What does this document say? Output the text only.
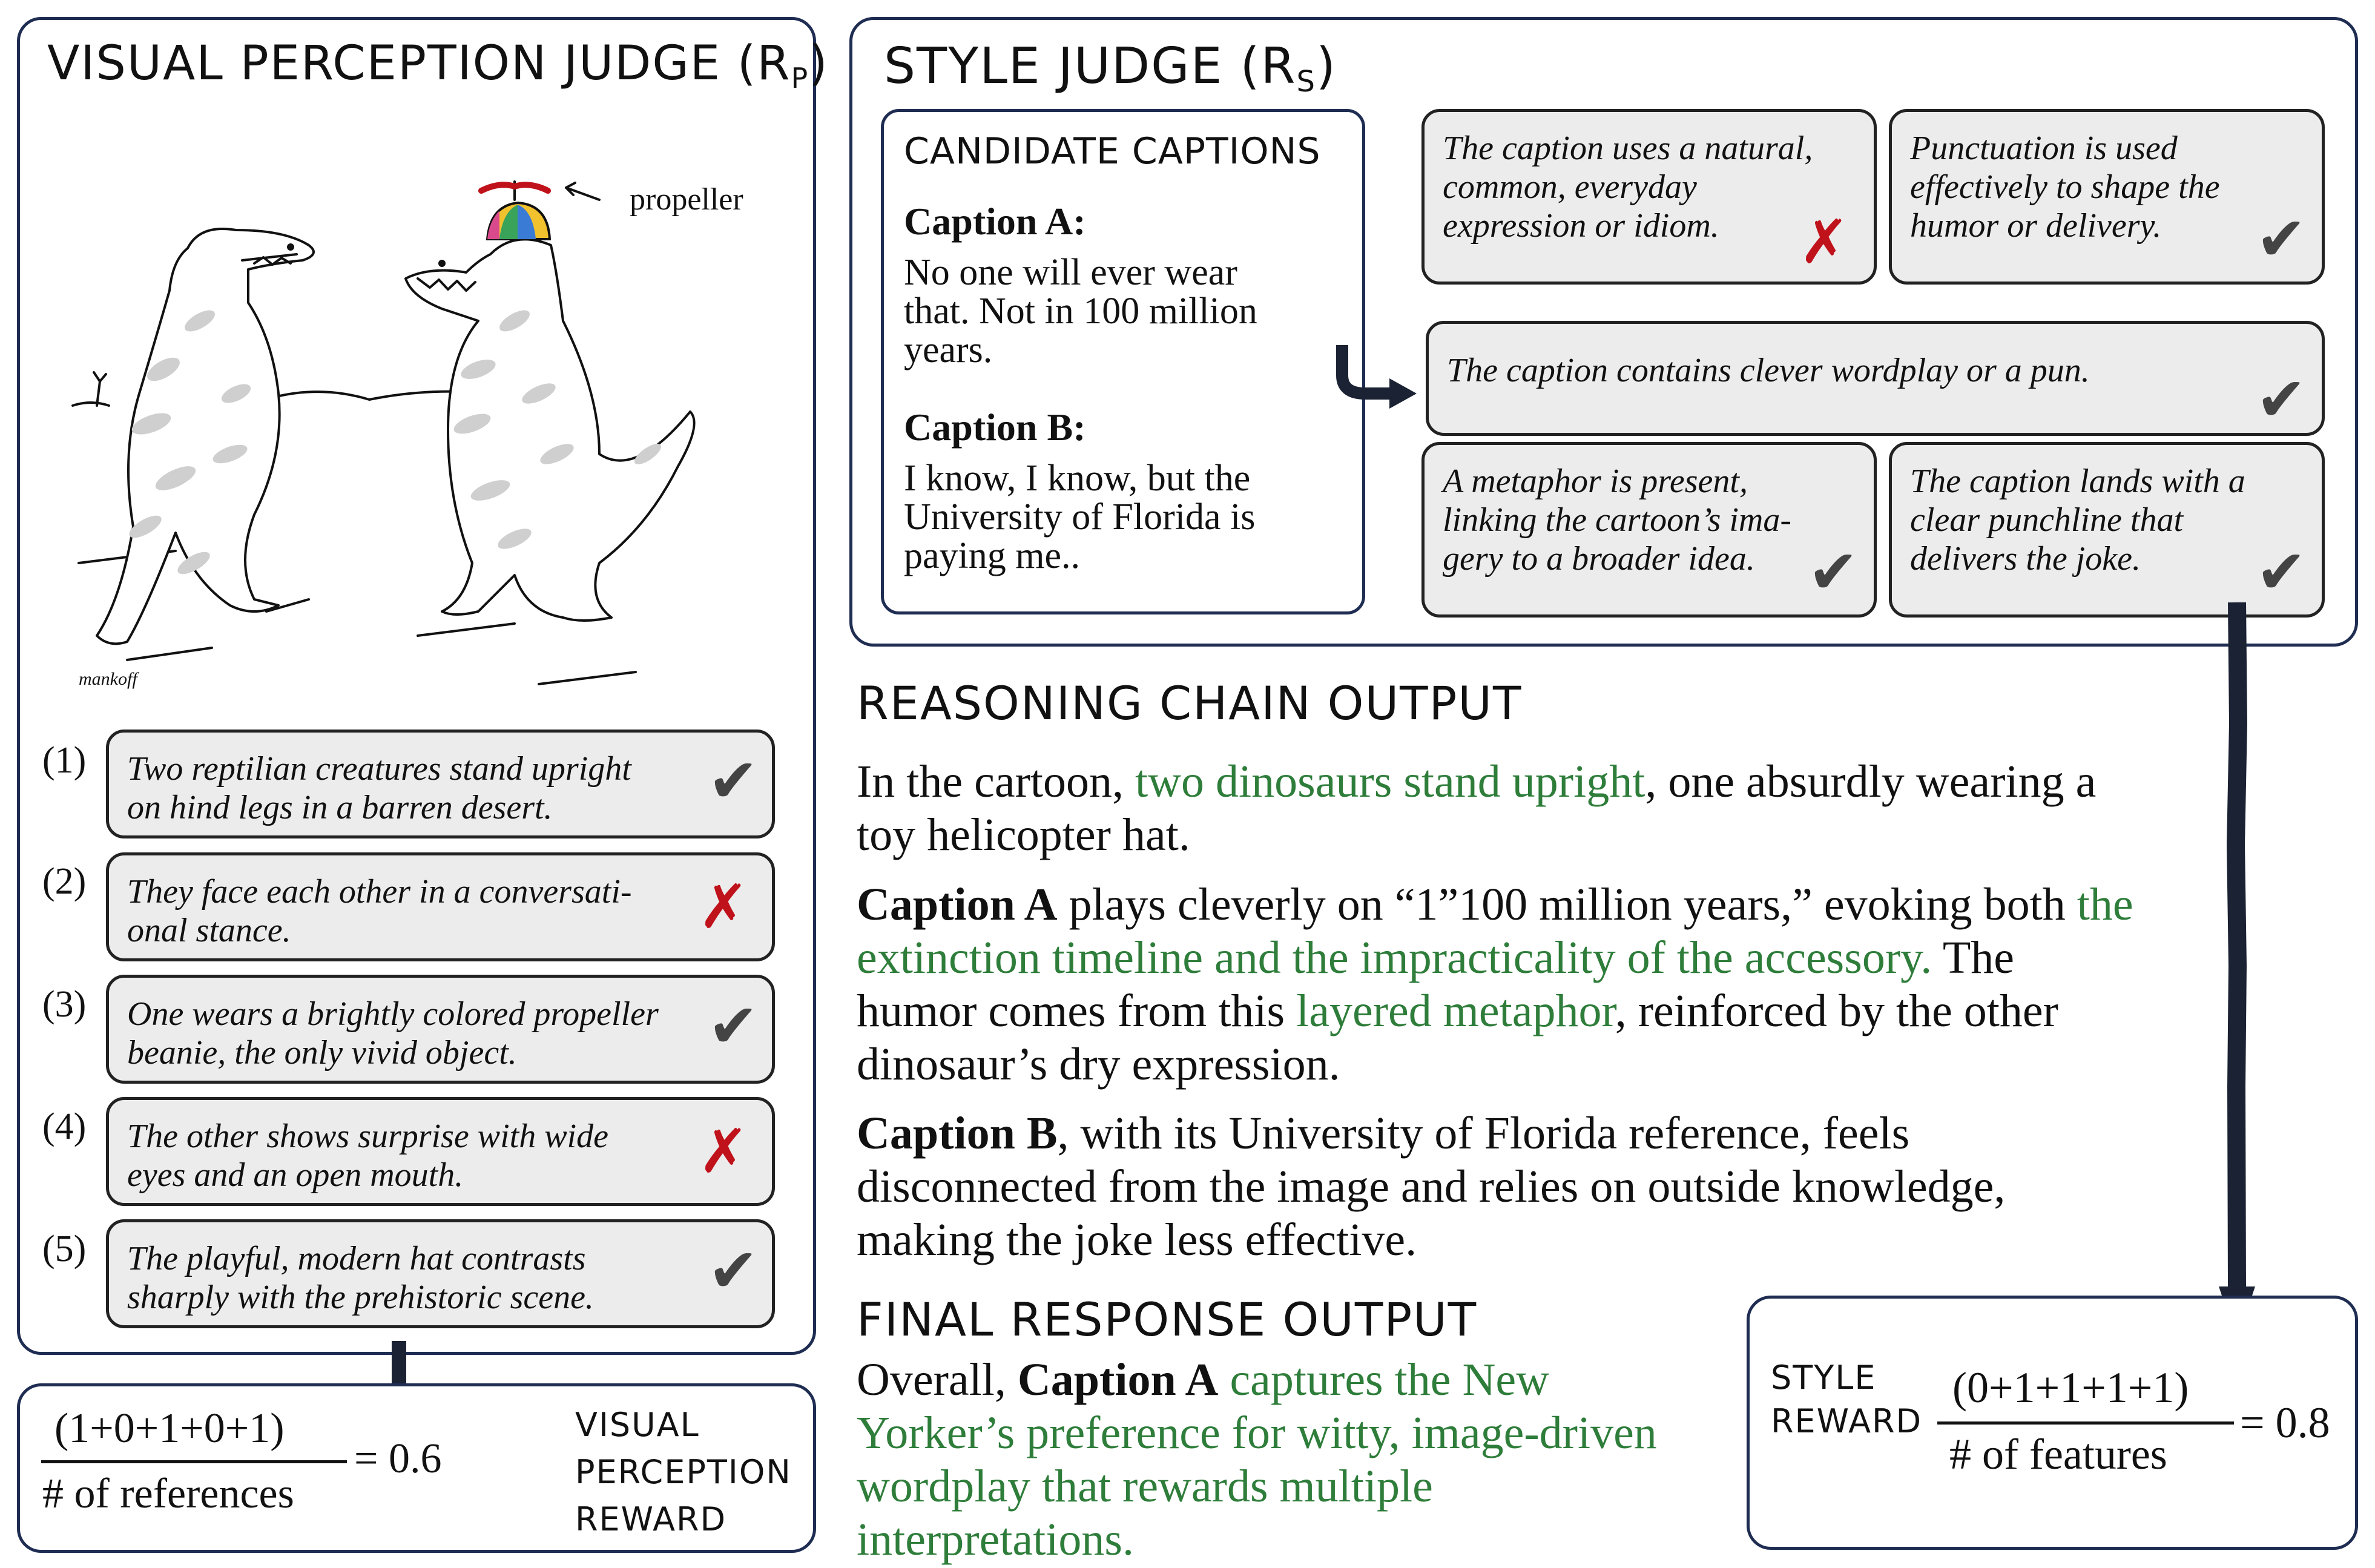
VISUAL PERCEPTION JUDGE (RP)
propeller
mankoff
(1) Two reptilian creatures stand upright
on hind legs in a barren desert.	✔
(2) They face each other in a conversati-
onal stance.	✗
(3) One wears a brightly colored propeller
beanie, the only vivid object.	✔
(4) The other shows surprise with wide
eyes and an open mouth.	✗
(5) The playful, modern hat contrasts
sharply with the prehistoric scene.	✔
(1+0+1+0+1)
# of references
= 0.6
VISUAL
PERCEPTION
REWARD
STYLE JUDGE (RS)
CANDIDATE CAPTIONS
Caption A:
No one will ever wear
that. Not in 100 million
years.
Caption B:
I know, I know, but the
University of Florida is
paying me..
The caption uses a natural,
common, everyday
expression or idiom.	✗
Punctuation is used
effectively to shape the
humor or delivery.	✔
The caption contains clever wordplay or a pun.	✔
A metaphor is present,
linking the cartoon’s ima-
gery to a broader idea. ✔
The caption lands with a
clear punchline that
delivers the joke.	✔
REASONING CHAIN OUTPUT
In the cartoon, two dinosaurs stand upright, one absurdly wearing a
toy helicopter hat.
Caption A plays cleverly on “1”100 million years,” evoking both the
extinction timeline and the impracticality of the accessory. The
humor comes from this layered metaphor, reinforced by the other
dinosaur’s dry expression.
Caption B, with its University of Florida reference, feels
disconnected from the image and relies on outside knowledge,
making the joke less effective.
FINAL RESPONSE OUTPUT
Overall, Caption A captures the New
Yorker’s preference for witty, image-driven
wordplay that rewards multiple
interpretations.
STYLE
REWARD
(0+1+1+1+1)
# of features
= 0.8
